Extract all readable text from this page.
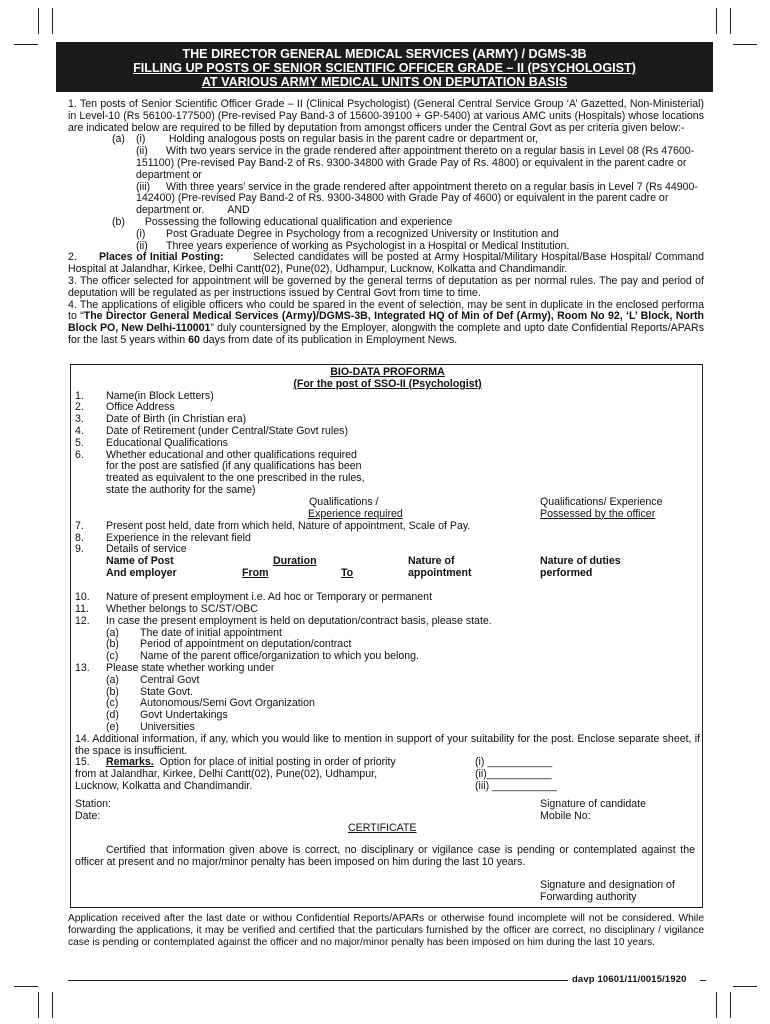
THE DIRECTOR GENERAL MEDICAL SERVICES (ARMY) / DGMS-3B
FILLING UP POSTS OF SENIOR SCIENTIFIC OFFICER GRADE – II (PSYCHOLOGIST)
AT VARIOUS ARMY MEDICAL UNITS ON DEPUTATION BASIS

1. Ten posts of Senior Scientific Officer Grade – II (Clinical Psychologist) (General Central Service Group ‘A’ Gazetted, Non-Ministerial) in Level-10 (Rs 56100-177500) (Pre-revised Pay Band-3 of 15600-39100 + GP-5400) at various AMC units (Hospitals) whose locations are indicated below are required to be filled by deputation from amongst officers under the Central Govt as per criteria given below:-

(a) (i) Holding analogous posts on regular basis in the parent cadre or department or,
(ii) With two years service in the grade rendered after appointment thereto on a regular basis in Level 08 (Rs 47600-151100) (Pre-revised Pay Band-2 of Rs. 9300-34800 with Grade Pay of Rs. 4800) or equivalent in the parent cadre or department or
(iii) With three years’ service in the grade rendered after appointment thereto on a regular basis in Level 7 (Rs 44900-142400) (Pre-revised Pay Band-2 of Rs. 9300-34800 with Grade Pay of 4600) or equivalent in the parent cadre or department or. AND
(b) Possessing the following educational qualification and experience
(i) Post Graduate Degree in Psychology from a recognized University or Institution and
(ii) Three years experience of working as Psychologist in a Hospital or Medical Institution.

2. Places of Initial Posting:	Selected candidates will be posted at Army Hospital/Military Hospital/Base Hospital/ Command Hospital at Jalandhar, Kirkee, Delhi Cantt(02), Pune(02), Udhampur, Lucknow, Kolkatta and Chandimandir.

3. The officer selected for appointment will be governed by the general terms of deputation as per normal rules. The pay and period of deputation will be regulated as per instructions issued by Central Govt from time to time.

4. The applications of eligible officers who could be spared in the event of selection, may be sent in duplicate in the enclosed performa to “The Director General Medical Services (Army)/DGMS-3B, Integrated HQ of Min of Def (Army), Room No 92, ‘L’ Block, North Block PO, New Delhi-110001” duly countersigned by the Employer, alongwith the complete and upto date Confidential Reports/APARs for the last 5 years within 60 days from date of its publication in Employment News.

BIO-DATA PROFORMA
(For the post of SSO-II (Psychologist)
1. Name(in Block Letters)
2. Office Address
3. Date of Birth (in Christian era)
4. Date of Retirement (under Central/State Govt rules)
5. Educational Qualifications
6. Whether educational and other qualifications required
for the post are satisfied (if any qualifications has been
treated as equivalent to the one prescribed in the rules,
state the authority for the same)
Qualifications /
Experience required
Qualifications/ Experience
Possessed by the officer
7. Present post held, date from which held, Nature of appointment, Scale of Pay.
8. Experience in the relevant field
9. Details of service
Name of Post
And employer
Duration
From	To
Nature of
appointment
Nature of duties
performed
10. Nature of present employment i.e. Ad hoc or Temporary or permanent
11. Whether belongs to SC/ST/OBC
12. In case the present employment is held on deputation/contract basis, please state.
(a) The date of initial appointment
(b) Period of appointment on deputation/contract
(c) Name of the parent office/organization to which you belong.
13. Please state whether working under
(a) Central Govt
(b) State Govt.
(c) Autonomous/Semi Govt Organization
(d) Govt Undertakings
(e) Universities
14. Additional information, if any, which you would like to mention in support of your suitability for the post. Enclose separate sheet, if the space is insufficient.
15. Remarks. Option for place of initial posting in order of priority
from at Jalandhar, Kirkee, Delhi Cantt(02), Pune(02), Udhampur,
Lucknow, Kolkatta and Chandimandir.
(i) ___________
(ii)___________
(iii) ___________
Station:
Date:
Signature of candidate
Mobile No:
CERTIFICATE
Certified that information given above is correct, no disciplinary or vigilance case is pending or contemplated against the officer at present and no major/minor penalty has been imposed on him during the last 10 years.
Signature and designation of
Forwarding authority
Application received after the last date or withou Confidential Reports/APARs or otherwise found incomplete will not be considered. While forwarding the applications, it may be verified and certified that the particulars furnished by the officer are correct, no disciplinary / vigilance case is pending or contemplated against the officer and no major/minor penalty has been imposed on him during the last 10 years.
davp 10601/11/0015/1920
